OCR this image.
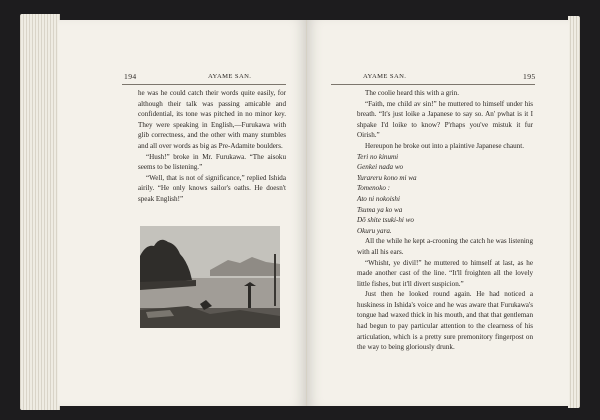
194	AYAME SAN.

he was he could catch their words quite easily, for although their talk was passing amicable and confidential, its tone was pitched in no minor key. They were speaking in English,—Furukawa with glib correctness, and the other with many stumbles and all over words as big as Pre-Adamite boulders.

“Hush!” broke in Mr. Furukawa. “The aisoku seems to be listening.”

“Well, that is not of significance,” replied Ishida airily. “He only knows sailor's oaths. He doesn't speak English!”

AYAME SAN.	195

The coolie heard this with a grin.

“Faith, me child av sin!” he muttered to himself under his breath. “It's just loike a Japanese to say so. An' pwhat is it I shpake I'd loike to know? P'rhaps you've mistuk it fur Oirish.”

Hereupon he broke out into a plaintive Japanese chaunt.

Teri no kinumi

Genkei nada wo

Yurareru kono mi wa

Tomenoko :

Ato ni nokoishi

Tsuma ya ko wa

Dō shite tsuki-hi wo

Okuru yara.

All the while he kept a-crooning the catch he was listening with all his ears.

“Whisht, ye divil!” he muttered to himself at last, as he made another cast of the line. “It'll froighten all the lovely little fishes, but it'll divert suspicion.”

Just then he looked round again. He had noticed a huskiness in Ishida's voice and he was aware that Furukawa's tongue had waxed thick in his mouth, and that that gentleman had begun to pay particular attention to the clearness of his articulation, which is a pretty sure premonitory fingerpost on the way to being gloriously drunk.
